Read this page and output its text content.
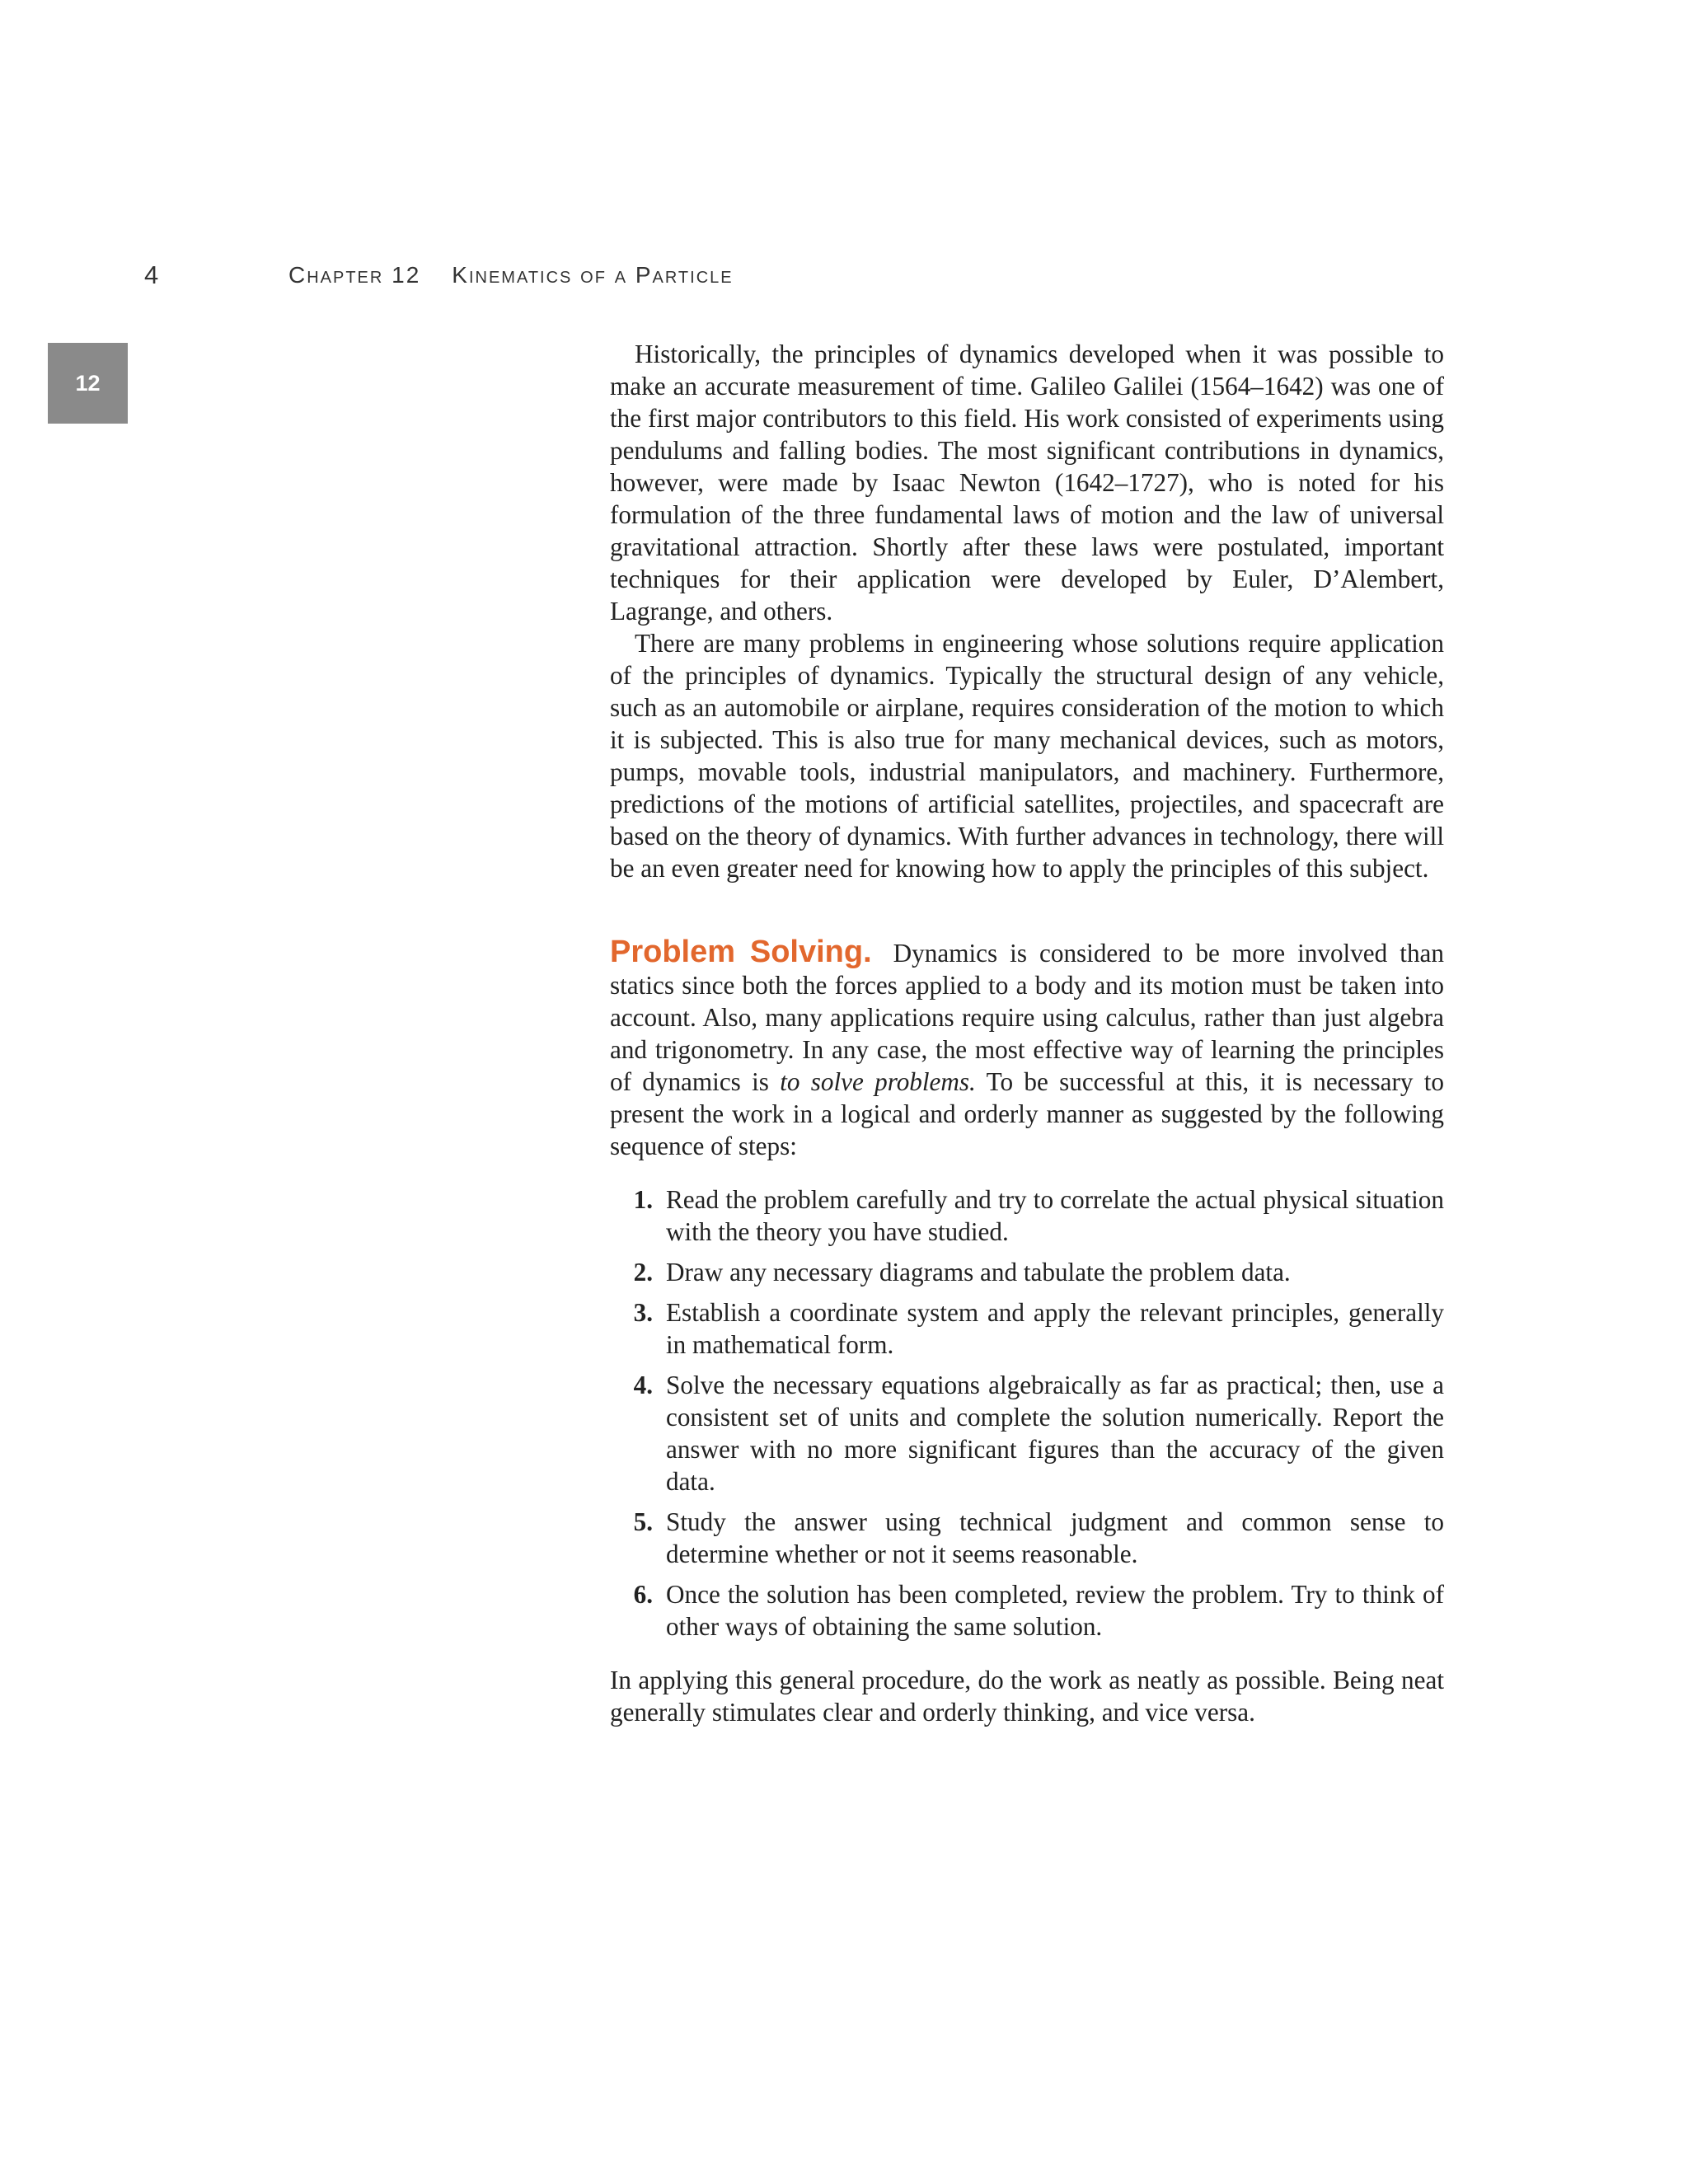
4	Chapter 12 Kinematics of a Particle
12

Historically, the principles of dynamics developed when it was possible to make an accurate measurement of time. Galileo Galilei (1564–1642) was one of the first major contributors to this field. His work consisted of experiments using pendulums and falling bodies. The most significant contributions in dynamics, however, were made by Isaac Newton (1642–1727), who is noted for his formulation of the three fundamental laws of motion and the law of universal gravitational attraction. Shortly after these laws were postulated, important techniques for their application were developed by Euler, D’Alembert, Lagrange, and others.

There are many problems in engineering whose solutions require application of the principles of dynamics. Typically the structural design of any vehicle, such as an automobile or airplane, requires consideration of the motion to which it is subjected. This is also true for many mechanical devices, such as motors, pumps, movable tools, industrial manipulators, and machinery. Furthermore, predictions of the motions of artificial satellites, projectiles, and spacecraft are based on the theory of dynamics. With further advances in technology, there will be an even greater need for knowing how to apply the principles of this subject.

Problem Solving. Dynamics is considered to be more involved than statics since both the forces applied to a body and its motion must be taken into account. Also, many applications require using calculus, rather than just algebra and trigonometry. In any case, the most effective way of learning the principles of dynamics is to solve problems. To be successful at this, it is necessary to present the work in a logical and orderly manner as suggested by the following sequence of steps:

1. Read the problem carefully and try to correlate the actual physical situation with the theory you have studied.
2. Draw any necessary diagrams and tabulate the problem data.
3. Establish a coordinate system and apply the relevant principles, generally in mathematical form.
4. Solve the necessary equations algebraically as far as practical; then, use a consistent set of units and complete the solution numerically. Report the answer with no more significant figures than the accuracy of the given data.
5. Study the answer using technical judgment and common sense to determine whether or not it seems reasonable.
6. Once the solution has been completed, review the problem. Try to think of other ways of obtaining the same solution.

In applying this general procedure, do the work as neatly as possible. Being neat generally stimulates clear and orderly thinking, and vice versa.
